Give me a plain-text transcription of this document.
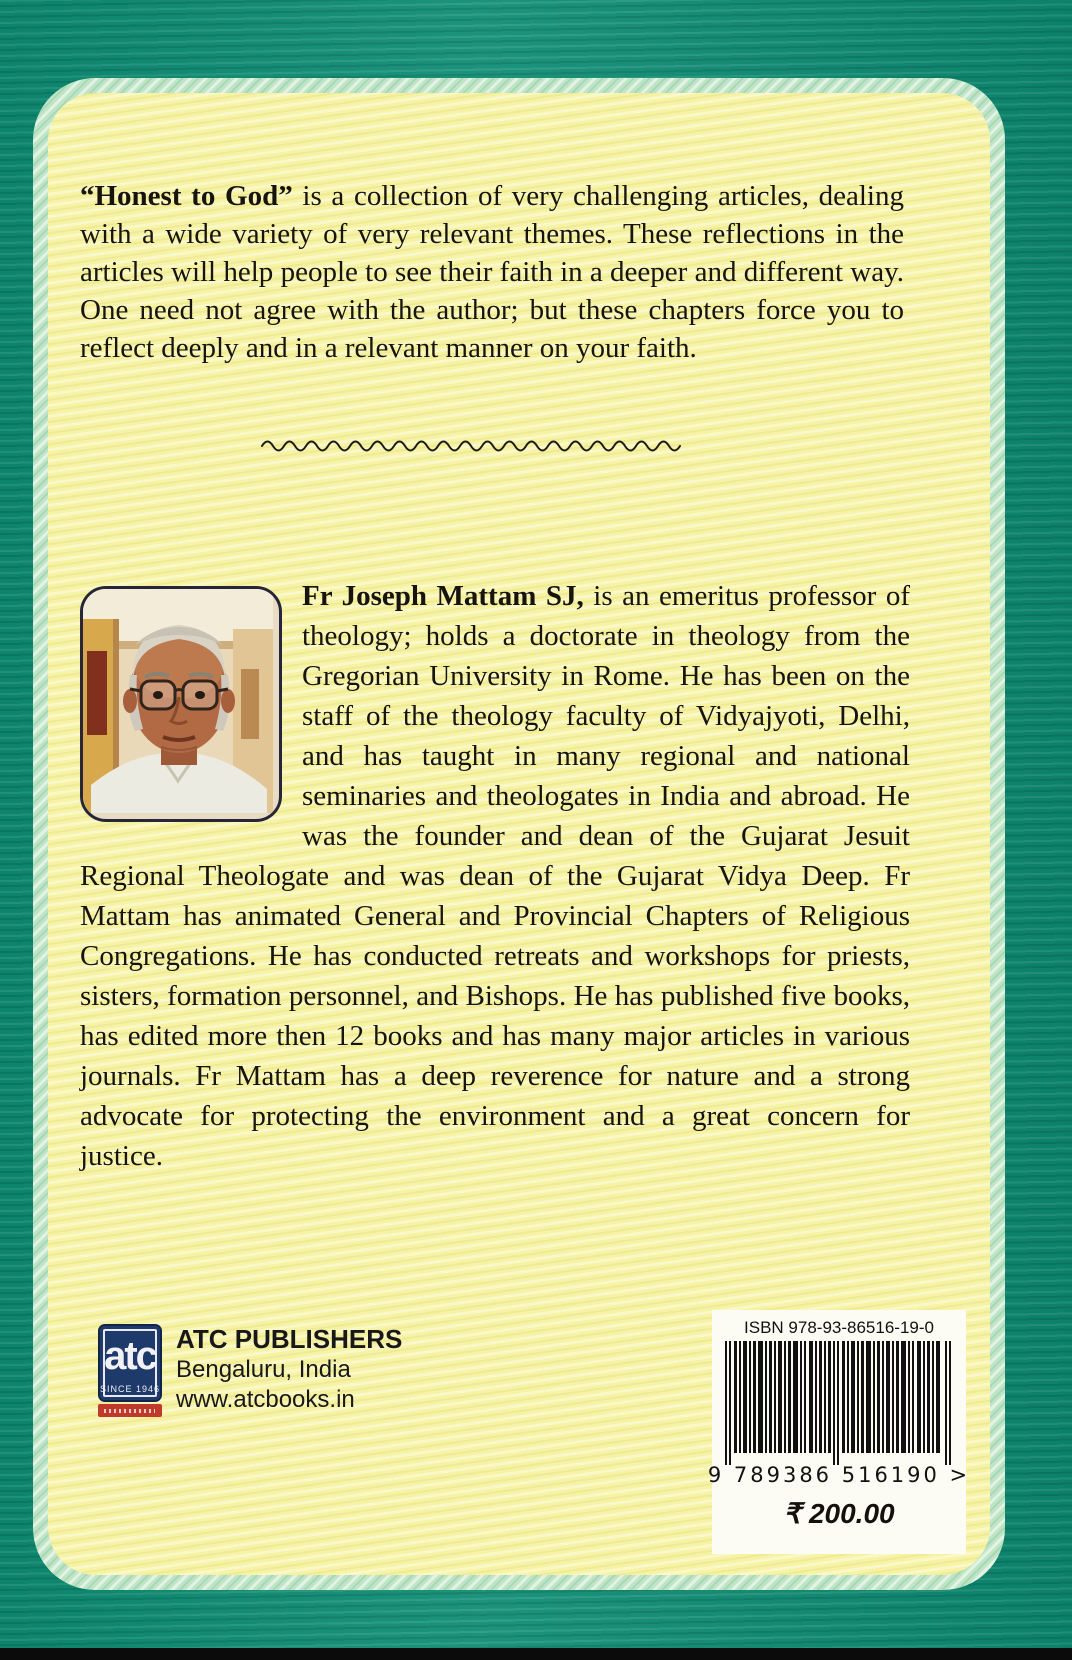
“Honest to God” is a collection of very challenging articles, dealing with a wide variety of very relevant themes. These reflections in the articles will help people to see their faith in a deeper and different way. One need not agree with the author; but these chapters force you to reflect deeply and in a relevant manner on your faith.

Fr Joseph Mattam SJ, is an emeritus professor of theology; holds a doctorate in theology from the Gregorian University in Rome. He has been on the staff of the theology faculty of Vidyajyoti, Delhi, and has taught in many regional and national seminaries and theologates in India and abroad. He was the founder and dean of the Gujarat Jesuit Regional Theologate and was dean of the Gujarat Vidya Deep. Fr Mattam has animated General and Provincial Chapters of Religious Congregations. He has conducted retreats and workshops for priests, sisters, formation personnel, and Bishops. He has published five books, has edited more then 12 books and has many major articles in various journals. Fr Mattam has a deep reverence for nature and a strong advocate for protecting the environment and a great concern for justice.
atc
SINCE 1946
ATC PUBLISHERS
Bengaluru, India
www.atcbooks.in
ISBN 978-93-86516-19-0
9 789386 516190 >
₹ 200.00
